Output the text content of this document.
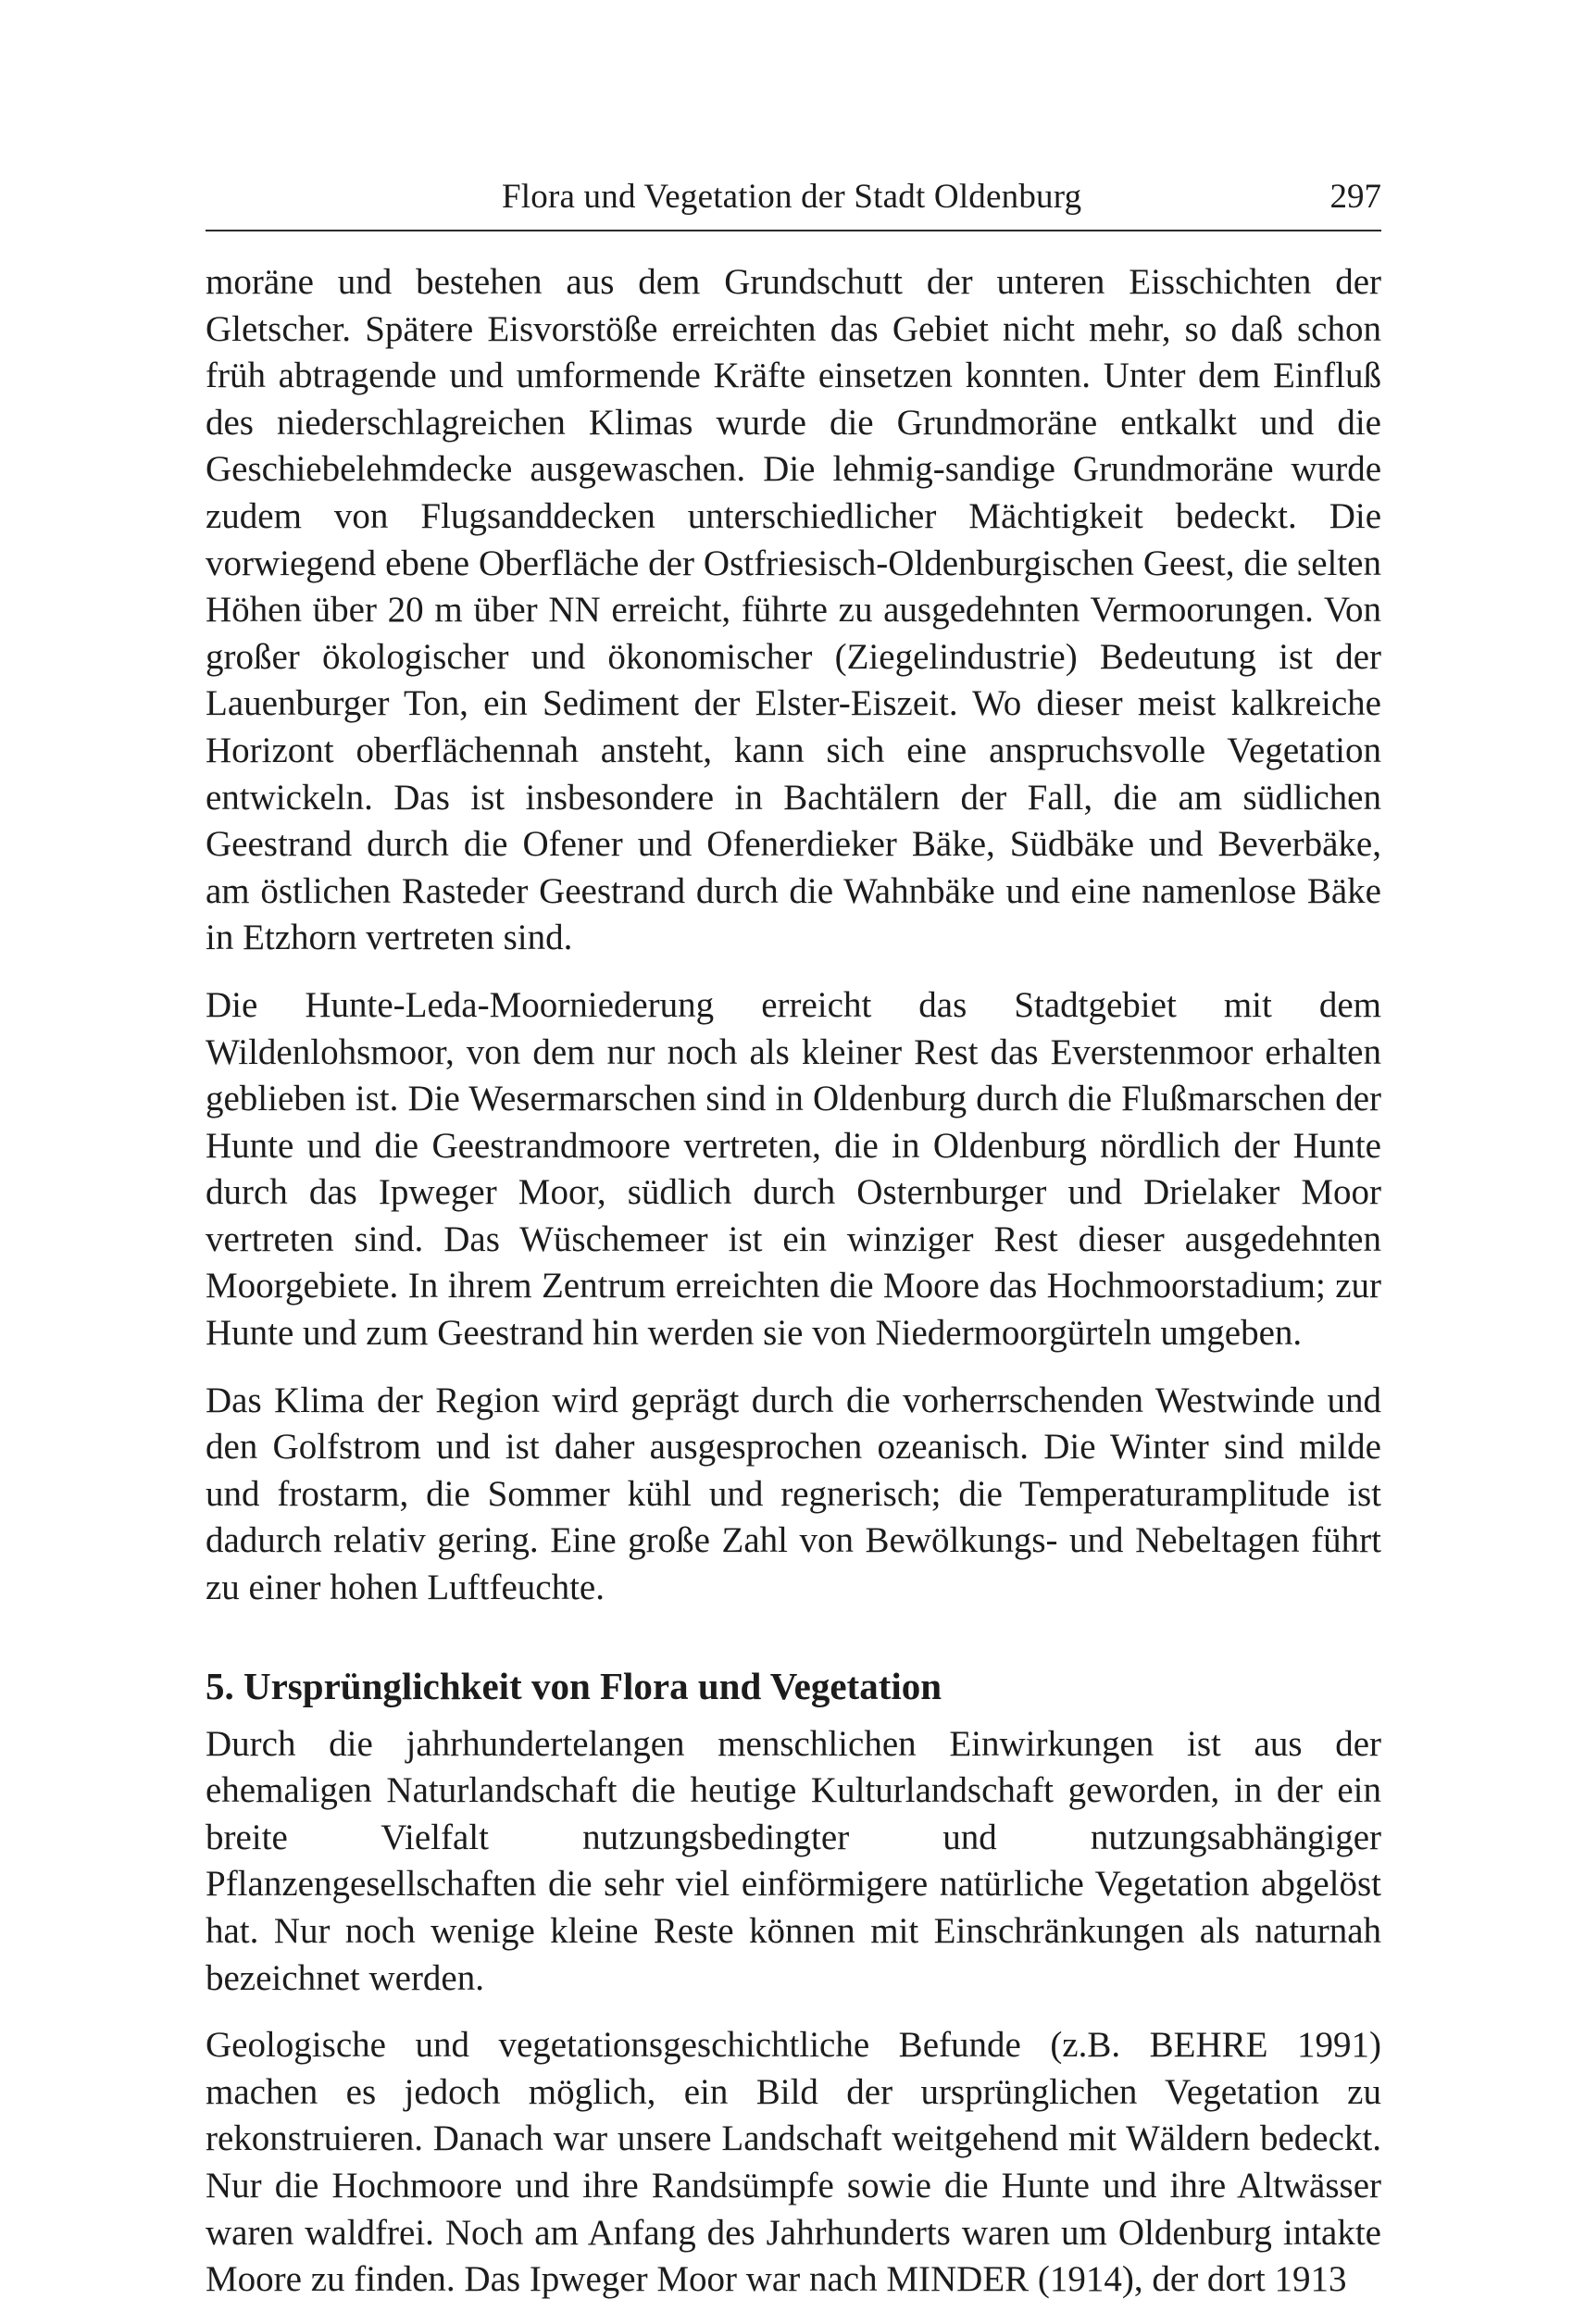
Flora und Vegetation der Stadt Oldenburg	297

moräne und bestehen aus dem Grundschutt der unteren Eisschichten der Gletscher. Spätere Eisvorstöße erreichten das Gebiet nicht mehr, so daß schon früh abtragende und umformende Kräfte einsetzen konnten. Unter dem Einfluß des niederschlagreichen Klimas wurde die Grundmoräne entkalkt und die Geschiebelehmdecke ausgewaschen. Die lehmig-sandige Grundmoräne wurde zudem von Flugsanddecken unterschiedlicher Mächtigkeit bedeckt. Die vorwiegend ebene Oberfläche der Ostfriesisch-Oldenburgischen Geest, die selten Höhen über 20 m über NN erreicht, führte zu ausgedehnten Vermoorungen. Von großer ökologischer und ökonomischer (Ziegelindustrie) Bedeutung ist der Lauenburger Ton, ein Sediment der Elster-Eiszeit. Wo dieser meist kalkreiche Horizont oberflächennah ansteht, kann sich eine anspruchsvolle Vegetation entwickeln. Das ist insbesondere in Bachtälern der Fall, die am südlichen Geestrand durch die Ofener und Ofenerdieker Bäke, Südbäke und Beverbäke, am östlichen Rasteder Geestrand durch die Wahnbäke und eine namenlose Bäke in Etzhorn vertreten sind.

Die Hunte-Leda-Moorniederung erreicht das Stadtgebiet mit dem Wildenlohsmoor, von dem nur noch als kleiner Rest das Everstenmoor erhalten geblieben ist. Die Wesermarschen sind in Oldenburg durch die Flußmarschen der Hunte und die Geestrandmoore vertreten, die in Oldenburg nördlich der Hunte durch das Ipweger Moor, südlich durch Osternburger und Drielaker Moor vertreten sind. Das Wüschemeer ist ein winziger Rest dieser ausgedehnten Moorgebiete. In ihrem Zentrum erreichten die Moore das Hochmoorstadium; zur Hunte und zum Geestrand hin werden sie von Niedermoorgürteln umgeben.

Das Klima der Region wird geprägt durch die vorherrschenden Westwinde und den Golfstrom und ist daher ausgesprochen ozeanisch. Die Winter sind milde und frostarm, die Sommer kühl und regnerisch; die Temperaturamplitude ist dadurch relativ gering. Eine große Zahl von Bewölkungs- und Nebeltagen führt zu einer hohen Luftfeuchte.

5. Ursprünglichkeit von Flora und Vegetation

Durch die jahrhundertelangen menschlichen Einwirkungen ist aus der ehemaligen Naturlandschaft die heutige Kulturlandschaft geworden, in der ein breite Vielfalt nutzungsbedingter und nutzungsabhängiger Pflanzengesellschaften die sehr viel einförmigere natürliche Vegetation abgelöst hat. Nur noch wenige kleine Reste können mit Einschränkungen als naturnah bezeichnet werden.

Geologische und vegetationsgeschichtliche Befunde (z.B. BEHRE 1991) machen es jedoch möglich, ein Bild der ursprünglichen Vegetation zu rekonstruieren. Danach war unsere Landschaft weitgehend mit Wäldern bedeckt. Nur die Hochmoore und ihre Randsümpfe sowie die Hunte und ihre Altwässer waren waldfrei. Noch am Anfang des Jahrhunderts waren um Oldenburg intakte Moore zu finden. Das Ipweger Moor war nach MINDER (1914), der dort 1913
